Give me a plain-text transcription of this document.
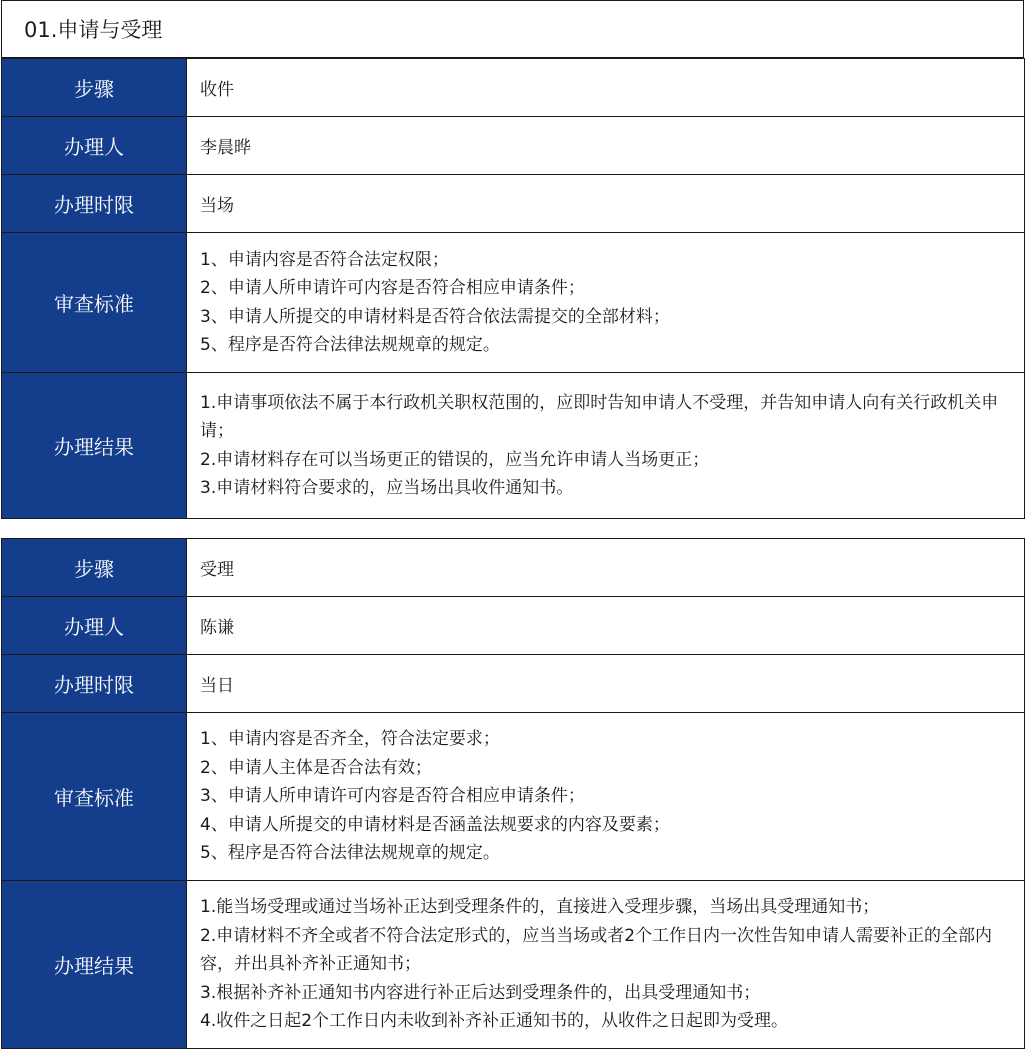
01.申请与受理
步骤	收件
办理人	李晨晔
办理时限	当场
审查标准	1、申请内容是否符合法定权限；
2、申请人所申请许可内容是否符合相应申请条件；
3、申请人所提交的申请材料是否符合依法需提交的全部材料；
5、程序是否符合法律法规规章的规定。

办理结果	1.申请事项依法不属于本行政机关职权范围的，应即时告知申请人不受理，并告知申请人向有关行政机关申请；
2.申请材料存在可以当场更正的错误的，应当允许申请人当场更正；
3.申请材料符合要求的，应当场出具收件通知书。
步骤	受理
办理人	陈谦
办理时限	当日
审查标准	1、申请内容是否齐全，符合法定要求；
2、申请人主体是否合法有效；
3、申请人所申请许可内容是否符合相应申请条件；
4、申请人所提交的申请材料是否涵盖法规要求的内容及要素；
5、程序是否符合法律法规规章的规定。

办理结果	1.能当场受理或通过当场补正达到受理条件的，直接进入受理步骤，当场出具受理通知书；
2.申请材料不齐全或者不符合法定形式的，应当当场或者2个工作日内一次性告知申请人需要补正的全部内容，并出具补齐补正通知书；
3.根据补齐补正通知书内容进行补正后达到受理条件的，出具受理通知书；
4.收件之日起2个工作日内未收到补齐补正通知书的，从收件之日起即为受理。
